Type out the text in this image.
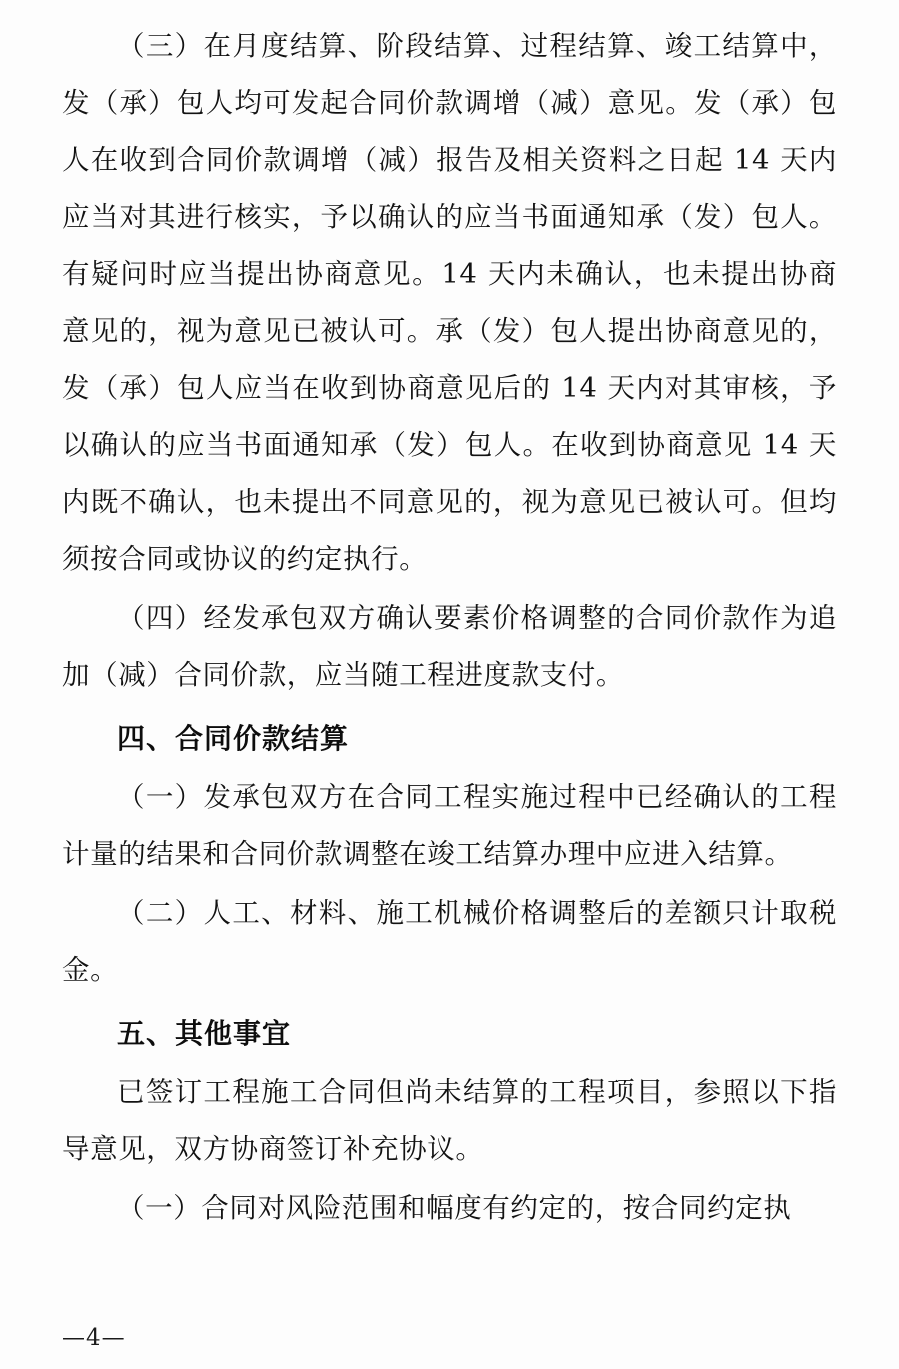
（三）在月度结算、阶段结算、过程结算、竣工结算中，发（承）包人均可发起合同价款调增（减）意见。发（承）包人在收到合同价款调增（减）报告及相关资料之日起 14 天内应当对其进行核实，予以确认的应当书面通知承（发）包人。有疑问时应当提出协商意见。14 天内未确认，也未提出协商意见的，视为意见已被认可。承（发）包人提出协商意见的，发（承）包人应当在收到协商意见后的 14 天内对其审核，予以确认的应当书面通知承（发）包人。在收到协商意见 14 天内既不确认，也未提出不同意见的，视为意见已被认可。但均须按合同或协议的约定执行。

（四）经发承包双方确认要素价格调整的合同价款作为追加（减）合同价款，应当随工程进度款支付。

四、合同价款结算

（一）发承包双方在合同工程实施过程中已经确认的工程计量的结果和合同价款调整在竣工结算办理中应进入结算。

（二）人工、材料、施工机械价格调整后的差额只计取税金。

五、其他事宜

已签订工程施工合同但尚未结算的工程项目，参照以下指导意见，双方协商签订补充协议。

（一）合同对风险范围和幅度有约定的，按合同约定执

—4—
